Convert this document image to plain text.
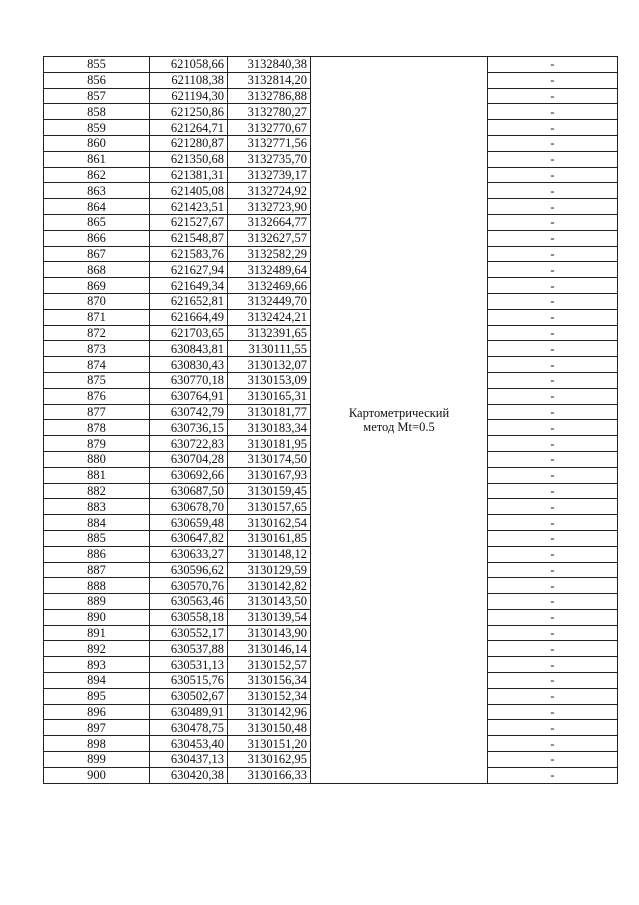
855	621058,66	3132840,38	Картометрический
метод Mt=0.5	-
856	621108,38	3132814,20		-
857	621194,30	3132786,88		-
858	621250,86	3132780,27		-
859	621264,71	3132770,67		-
860	621280,87	3132771,56		-
861	621350,68	3132735,70		-
862	621381,31	3132739,17		-
863	621405,08	3132724,92		-
864	621423,51	3132723,90		-
865	621527,67	3132664,77		-
866	621548,87	3132627,57		-
867	621583,76	3132582,29		-
868	621627,94	3132489,64		-
869	621649,34	3132469,66		-
870	621652,81	3132449,70		-
871	621664,49	3132424,21		-
872	621703,65	3132391,65		-
873	630843,81	3130111,55		-
874	630830,43	3130132,07		-
875	630770,18	3130153,09		-
876	630764,91	3130165,31		-
877	630742,79	3130181,77		-
878	630736,15	3130183,34		-
879	630722,83	3130181,95		-
880	630704,28	3130174,50		-
881	630692,66	3130167,93		-
882	630687,50	3130159,45		-
883	630678,70	3130157,65		-
884	630659,48	3130162,54		-
885	630647,82	3130161,85		-
886	630633,27	3130148,12		-
887	630596,62	3130129,59		-
888	630570,76	3130142,82		-
889	630563,46	3130143,50		-
890	630558,18	3130139,54		-
891	630552,17	3130143,90		-
892	630537,88	3130146,14		-
893	630531,13	3130152,57		-
894	630515,76	3130156,34		-
895	630502,67	3130152,34		-
896	630489,91	3130142,96		-
897	630478,75	3130150,48		-
898	630453,40	3130151,20		-
899	630437,13	3130162,95		-
900	630420,38	3130166,33		-
